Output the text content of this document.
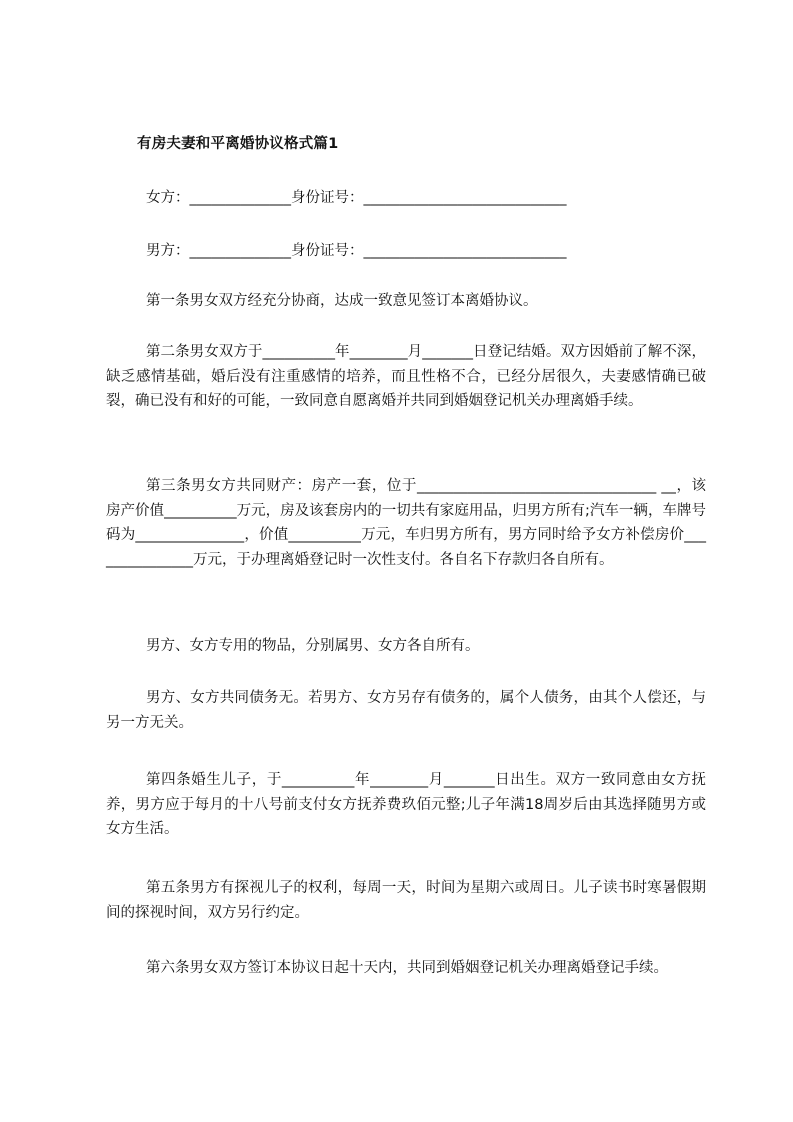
有房夫妻和平离婚协议格式篇1
女方：______________身份证号：____________________________
男方：______________身份证号：____________________________
第一条男女双方经充分协商，达成一致意见签订本离婚协议。
第二条男女双方于__________年________月_______日登记结婚。双方因婚前了解不深，缺乏感情基础，婚后没有注重感情的培养，而且性格不合，已经分居很久，夫妻感情确已破裂，确已没有和好的可能，一致同意自愿离婚并共同到婚姻登记机关办理离婚手续。
第三条男女方共同财产：房产一套，位于_________________________________ __，该房产价值__________万元，房及该套房内的一切共有家庭用品，归男方所有;汽车一辆，车牌号码为_______________，价值__________万元，车归男方所有，男方同时给予女方补偿房价_______________万元，于办理离婚登记时一次性支付。各自名下存款归各自所有。
男方、女方专用的物品，分别属男、女方各自所有。
男方、女方共同债务无。若男方、女方另存有债务的，属个人债务，由其个人偿还，与另一方无关。
第四条婚生儿子，于__________年________月_______日出生。双方一致同意由女方抚养，男方应于每月的十八号前支付女方抚养费玖佰元整;儿子年满18周岁后由其选择随男方或女方生活。
第五条男方有探视儿子的权利，每周一天，时间为星期六或周日。儿子读书时寒暑假期间的探视时间，双方另行约定。
第六条男女双方签订本协议日起十天内，共同到婚姻登记机关办理离婚登记手续。
